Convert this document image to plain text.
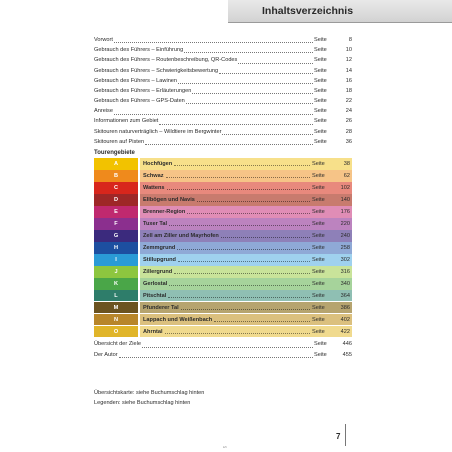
Inhaltsverzeichnis
Vorwort	Seite	8
Gebrauch des Führers – Einführung	Seite	10
Gebrauch des Führers – Routenbeschreibung, QR-Codes	Seite	12
Gebrauch des Führers – Schwierigkeitsbewertung	Seite	14
Gebrauch des Führers – Lawinen	Seite	16
Gebrauch des Führers – Erläuterungen	Seite	18
Gebrauch des Führers – GPS-Daten	Seite	22
Anreise	Seite	24
Informationen zum Gebiet	Seite	26
Skitouren naturverträglich – Wildtiere im Bergwinter	Seite	28
Skitouren auf Pisten	Seite	36
Tourengebiete
A	Hochfügen	Seite	38
B	Schwaz	Seite	62
C	Wattens	Seite	102
D	Ellbögen und Navis	Seite	140
E	Brenner-Region	Seite	176
F	Tuxer Tal	Seite	220
G	Zell am Ziller und Mayrhofen	Seite	240
H	Zemmgrund	Seite	258
I	Stillupgrund	Seite	302
J	Zillergrund	Seite	316
K	Gerlostal	Seite	340
L	Pitschtal	Seite	364
M	Pfunderer Tal	Seite	386
N	Lappach und Weißenbach	Seite	402
O	Ahrntal	Seite	422
Übersicht der Ziele	Seite	446
Der Autor	Seite	455
Übersichtskarte: siehe Buchumschlag hinten
Legenden: siehe Buchumschlag hinten
7
ᔕ
